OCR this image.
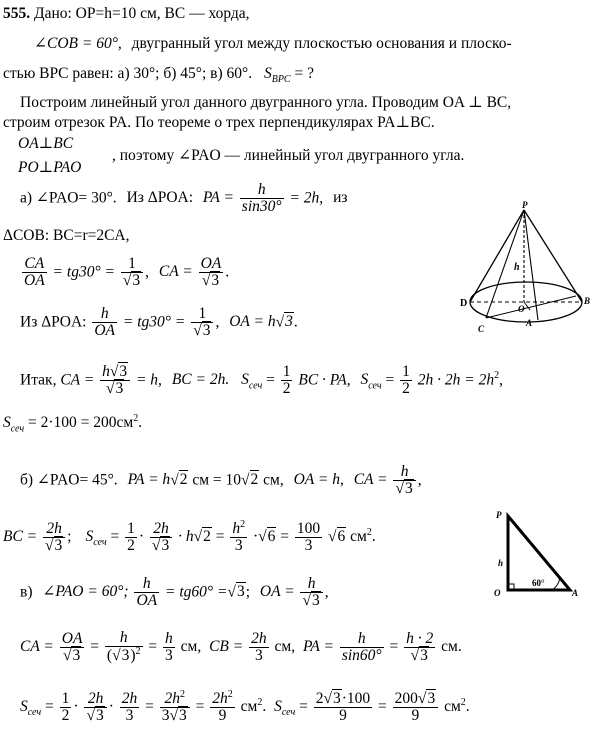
555. Дано: OP=h=10 см, BC — хорда,
∠COB = 60°, двугранный угол между плоскостью основания и плоско-
стью BPC равен: а) 30°; б) 45°; в) 60°. $S_{BPC}$ = ?
Построим линейный угол данного двугранного угла. Проводим OA ⊥ BC,
строим отрезок PA. По теореме о трех перпендикулярах PA⊥BC.
OA⊥BC
PO⊥PAO
, поэтому ∠PAO — линейный угол двугранного угла.
а) ∠PAO= 30°. Из ΔPOA: PA = $\frac{h}{\sin 30^\circ} = 2h$, из
ΔCOB: BC=r=2CA,
$\frac{CA}{OA} = tg30^\circ = \frac{1}{√3}$ , CA = $\frac{OA}{√3}$ .
Из ΔPOA: $\frac{h}{OA} = tg30^\circ = \frac{1}{√3}$ , OA = h√3.
Итак, CA = $\frac{h√3}{√3} = h$, BC = 2h. $S_{сеч} = \frac{1}{2}$ BC · PA, $S_{сеч} = \frac{1}{2} 2h \cdot 2h = 2h^2$,
$S_{сеч} = 2\cdot 100 = 200см^2$.
б) ∠PAO= 45°. PA = h√2 см = 10√2 см, OA = h, CA = $\frac{h}{√3}$ ,
BC = $\frac{2h}{√3}$ ; $S_{сеч} = \frac{1}{2} \cdot \frac{2h}{√3} \cdot h√2 = \frac{h^2}{3} \cdot√6 = \frac{100}{3} √6$ $см^2$.
в) ∠PAO = 60°; $\frac{h}{OA} = tg60^\circ =√3$; OA = $\frac{h}{√3}$ ,
CA = $\frac{OA}{√3} = \frac{h}{(√3)^2} = \frac{h}{3}$ см, CB = $\frac{2h}{3}$ см, PA = $\frac{h}{\sin 60^\circ} = \frac{h \cdot 2}{√3}$ см.
$S_{сеч} = \frac{1}{2} \cdot \frac{2h}{√3} \cdot \frac{2h}{3} = \frac{2h^2}{3√3} = \frac{2h^2}{9} см^2$. $S_{сеч} = \frac{2√3\cdot 100}{9} = \frac{200√3}{9} см^2$.
P
h
D	O
B
C
A
P
h
O	A
60°
